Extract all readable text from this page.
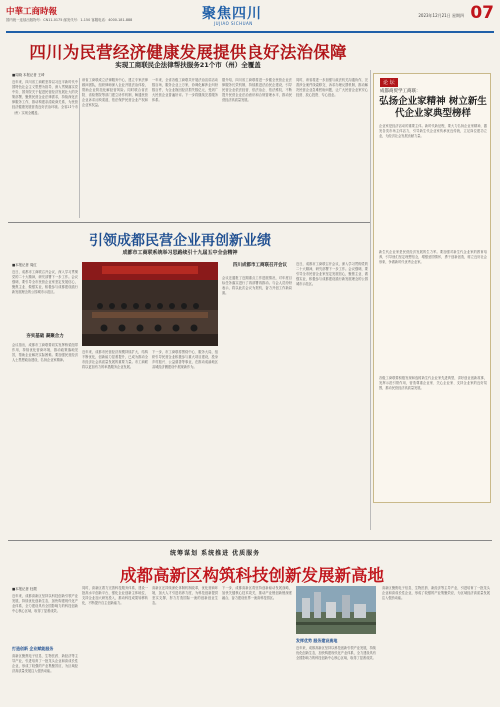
中華工商時報
国内统一连续出版物号：CN11-0175 邮发代号：1-150 客服电话：4000-181-888	聚焦四川
JUJIAO SICHUAN
2023年12月21日 星期四 07
四川为民营经济健康发展提供良好法治保障
实现工商联民企法律帮扶服务21个市（州）全覆盖
■周晓 本报记者 王琦
近年来，四川省工商联坚持以习近平新时代中国特色社会主义思想为指导，深入贯彻落实党中央、国务院关于促进民营经济发展壮大的决策部署，聚焦民营企业法律需求，持续深化法律服务工作，推动构建亲清政商关系，为民营经济健康发展营造良好法治环境。全省21个市（州）实现全覆盖。
该省工商联成立法律服务中心，建立专家法律顾问团队，组织律师深入企业开展法治体检，帮助企业防范化解经营风险。同时联合省法院、省检察院等部门建立协作机制，畅通民营企业诉求反映渠道，依法保护民营企业产权和企业家权益。
一年来，全省各级工商联共开展法治宣讲活动数百场，服务企业上万家，协调化解涉企纠纷数百件，为企业挽回经济损失数亿元，受到广大民营企业普遍好评。下一步将继续完善服务体系。
据介绍，四川省工商联将进一步健全民营企业法律服务长效机制，持续推进法治民企建设，引导民营企业依法经营、依法治企、依法维权，不断提升民营企业法治意识和合规管理水平，推动民营经济高质量发展。
同时，该省将进一步加强与政法机关沟通协作，完善涉企案件线索移交、诉求办理反馈机制，推动解决民营企业急难愁盼问题，让广大民营企业家安心经营、放心投资、专心创业。
引领成都民营企业再创新业绩
成都市工商联系统举习思路续引十九届五中全会精神
■本报记者 周红
近日，成都市工商联召开会议，深入学习贯彻党的二十大精神，研究部署下一步工作。会议强调，要引导全市民营企业家坚定发展信心，聚焦主业、做强实业，积极参与成都建设践行新发展理念的公园城市示范区。
夯实基础 凝聚合力
会议指出，成都市工商联要切实发挥桥梁纽带作用，持续优化营商环境，推动政策落地见效，帮助企业解决实际困难。要加强民营经济人士思想政治建设，弘扬企业家精神。
近年来，成都市民营经济规模持续扩大，结构不断优化，创新能力显著提升，已成为推动全市经济社会高质量发展的重要力量。市工商联将以更加有力的举措服务企业发展。
下一步，市工商联将围绕中心、服务大局，组织引导民营企业积极参与重大项目建设，投身乡村振兴、公益慈善等事业，在推动成渝地区双城经济圈建设中展现新作为。
四川成都市工商联召开会议
会议还通报了近期重点工作进展情况，对年度目标任务落实进行了再部署再推动。与会人员纷纷表示，将以此次会议为契机，奋力开创工作新局面。
近日，成都市工商联召开会议，深入学习贯彻党的二十大精神，研究部署下一步工作。会议强调，要引导全市民营企业家坚定发展信心，聚焦主业、做强实业，积极参与成都建设践行新发展理念的公园城市示范区。
论 坛
成都商贸学工商联：
弘扬企业家精神 树立新生代企业家典型榜样
企业家是经济活动的重要主体。新时代新征程，要大力弘扬企业家精神，激发各类市场主体活力，引导新生代企业家传承优良传统，立足岗位建功立业，为经济社会发展贡献力量。
新生代企业家是民营经济发展的生力军。要加强对新生代企业家的教育培养，引导他们坚定理想信念，增强爱国情怀，勇于创新创造，树立良好社会形象，争做新时代优秀企业家。
各级工商联要积极发现和选树新生代企业家先进典型，讲好创业创新故事，发挥示范引领作用，营造尊重企业家、关心企业家、支持企业家的良好氛围，推动民营经济高质量发展。
统筹谋划 系统推进 优质服务
成都高新区构筑科技创新发展新高地
■本报记者 杜璟
近年来，成都高新区坚持以科技创新引领产业发展，持续优化创新生态，加快构建现代化产业体系，全力建设具有全国影响力的科技创新中心核心区域，取得了显著成效。
打造创新 企业赋能服务
高新区聚焦电子信息、生物医药、新经济等主导产业，引进培育了一批龙头企业和高成长性企业，形成了较强的产业集聚效应，为区域经济高质量发展注入强劲动能。
同时，高新区着力完善科技服务体系，建设一批高水平创新平台，强化企业创新主体地位，支持企业加大研发投入，推动科技成果转移转化，不断提升自主创新能力。
高新区还持续深化体制机制改革，优化营商环境，加大人才引进培养力度，为科技创新提供坚实支撑，努力打造国际一流的创新创业生态。
下一步，成都高新区将坚持创新驱动发展战略，加快关键核心技术攻关，推动产业链创新链深度融合，奋力建设世界一流高科技园区。
发挥优势 服务建设高地
近年来，成都高新区坚持以科技创新引领产业发展，持续优化创新生态，加快构建现代化产业体系，全力建设具有全国影响力的科技创新中心核心区域，取得了显著成效。
高新区聚焦电子信息、生物医药、新经济等主导产业，引进培育了一批龙头企业和高成长性企业，形成了较强的产业集聚效应，为区域经济高质量发展注入强劲动能。
